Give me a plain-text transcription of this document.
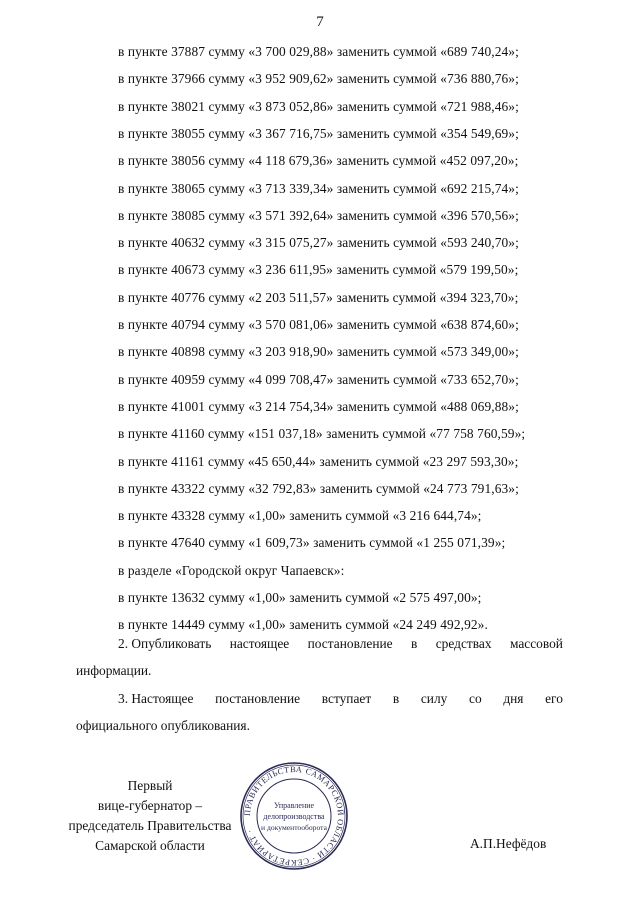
7
в пункте 37887 сумму «3 700 029,88» заменить суммой «689 740,24»;
в пункте 37966 сумму «3 952 909,62» заменить суммой «736 880,76»;
в пункте 38021 сумму «3 873 052,86» заменить суммой «721 988,46»;
в пункте 38055 сумму «3 367 716,75» заменить суммой «354 549,69»;
в пункте 38056 сумму «4 118 679,36» заменить суммой «452 097,20»;
в пункте 38065 сумму «3 713 339,34» заменить суммой «692 215,74»;
в пункте 38085 сумму «3 571 392,64» заменить суммой «396 570,56»;
в пункте 40632 сумму «3 315 075,27» заменить суммой «593 240,70»;
в пункте 40673 сумму «3 236 611,95» заменить суммой «579 199,50»;
в пункте 40776 сумму «2 203 511,57» заменить суммой «394 323,70»;
в пункте 40794 сумму «3 570 081,06» заменить суммой «638 874,60»;
в пункте 40898 сумму «3 203 918,90» заменить суммой «573 349,00»;
в пункте 40959 сумму «4 099 708,47» заменить суммой «733 652,70»;
в пункте 41001 сумму «3 214 754,34» заменить суммой «488 069,88»;
в пункте 41160 сумму «151 037,18» заменить суммой «77 758 760,59»;
в пункте 41161 сумму «45 650,44» заменить суммой «23 297 593,30»;
в пункте 43322 сумму «32 792,83» заменить суммой «24 773 791,63»;
в пункте 43328 сумму «1,00» заменить суммой «3 216 644,74»;
в пункте 47640 сумму «1 609,73» заменить суммой «1 255 071,39»;
в разделе «Городской округ Чапаевск»:
в пункте 13632 сумму «1,00» заменить суммой «2 575 497,00»;
в пункте 14449 сумму «1,00» заменить суммой «24 249 492,92».
2. Опубликовать настоящее постановление в средствах массовой
информации.
3. Настоящее постановление вступает в силу со дня его
официального опубликования.
Первый
вице-губернатор –
председатель Правительства
Самарской области
ПРАВИТЕЛЬСТВА САМАРСКОЙ ОБЛАСТИ · СЕКРЕТАРИАТ ·
Управление
делопроизводства
и документооборота
А.П.Нефёдов
